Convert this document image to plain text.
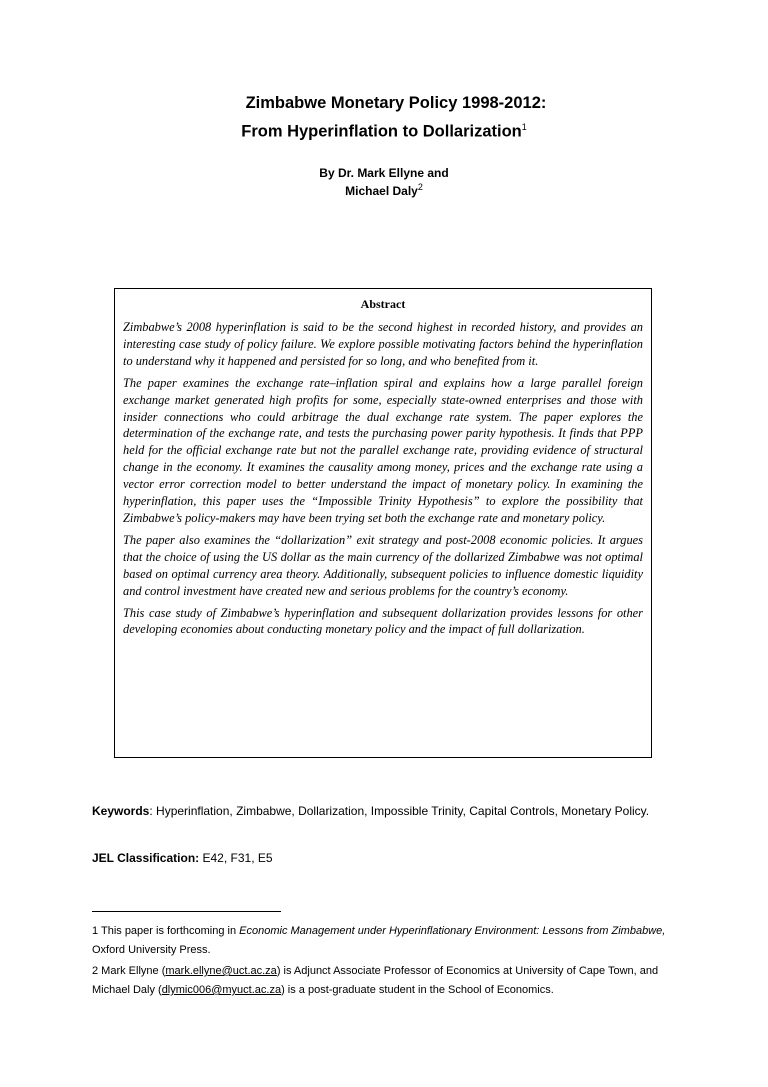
Zimbabwe Monetary Policy 1998-2012:
From Hyperinflation to Dollarization$^1$
By Dr. Mark Ellyne and
Michael Daly$^2$
Abstract

Zimbabwe’s 2008 hyperinflation is said to be the second highest in recorded history, and provides an interesting case study of policy failure. We explore possible motivating factors behind the hyperinflation to understand why it happened and persisted for so long, and who benefited from it.

The paper examines the exchange rate–inflation spiral and explains how a large parallel foreign exchange market generated high profits for some, especially state-owned enterprises and those with insider connections who could arbitrage the dual exchange rate system. The paper explores the determination of the exchange rate, and tests the purchasing power parity hypothesis. It finds that PPP held for the official exchange rate but not the parallel exchange rate, providing evidence of structural change in the economy. It examines the causality among money, prices and the exchange rate using a vector error correction model to better understand the impact of monetary policy. In examining the hyperinflation, this paper uses the “Impossible Trinity Hypothesis” to explore the possibility that Zimbabwe’s policy-makers may have been trying set both the exchange rate and monetary policy.

The paper also examines the “dollarization” exit strategy and post-2008 economic policies. It argues that the choice of using the US dollar as the main currency of the dollarized Zimbabwe was not optimal based on optimal currency area theory. Additionally, subsequent policies to influence domestic liquidity and control investment have created new and serious problems for the country’s economy.

This case study of Zimbabwe’s hyperinflation and subsequent dollarization provides lessons for other developing economies about conducting monetary policy and the impact of full dollarization.

Keywords: Hyperinflation, Zimbabwe, Dollarization, Impossible Trinity, Capital Controls, Monetary Policy.
JEL Classification: E42, F31, E5
1 This paper is forthcoming in Economic Management under Hyperinflationary Environment: Lessons from Zimbabwe, Oxford University Press.
2 Mark Ellyne (mark.ellyne@uct.ac.za) is Adjunct Associate Professor of Economics at University of Cape Town, and Michael Daly (dlymic006@myuct.ac.za) is a post-graduate student in the School of Economics.
